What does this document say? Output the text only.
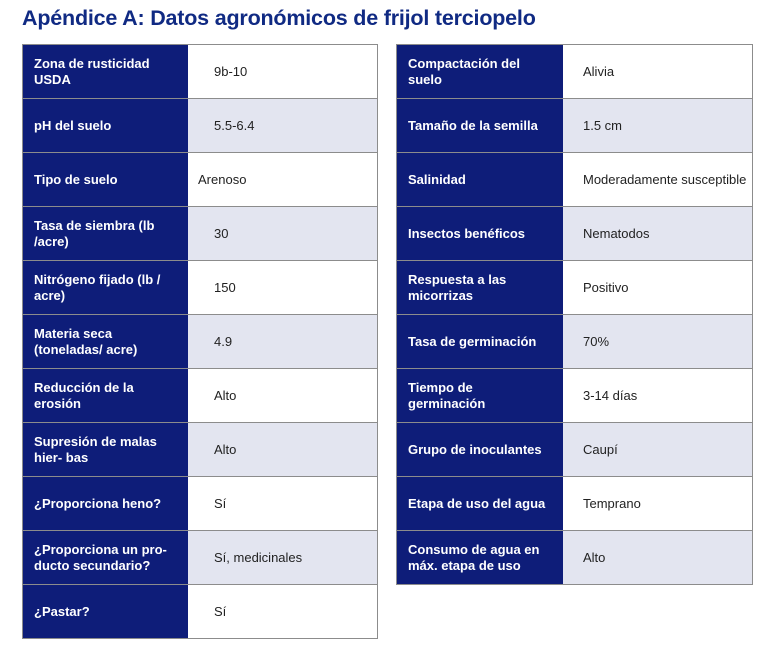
Apéndice A: Datos agronómicos de frijol terciopelo
Zona de rusticidad USDA	9b-10
pH del suelo	5.5-6.4
Tipo de suelo	Arenoso
Tasa de siembra (lb /acre)	30
Nitrógeno fijado (lb / acre)	150
Materia seca (toneladas/ acre)	4.9
Reducción de la erosión	Alto
Supresión de malas hier- bas	Alto
¿Proporciona heno?	Sí
¿Proporciona un pro- ducto secundario?	Sí, medicinales
¿Pastar?	Sí
Compactación del suelo	Alivia
Tamaño de la semilla	1.5 cm
Salinidad	Moderadamente susceptible
Insectos benéficos	Nematodos
Respuesta a las micorrizas	Positivo
Tasa de germinación	70%
Tiempo de germinación	3-14 días
Grupo de inoculantes	Caupí
Etapa de uso del agua	Temprano
Consumo de agua en máx. etapa de uso	Alto
